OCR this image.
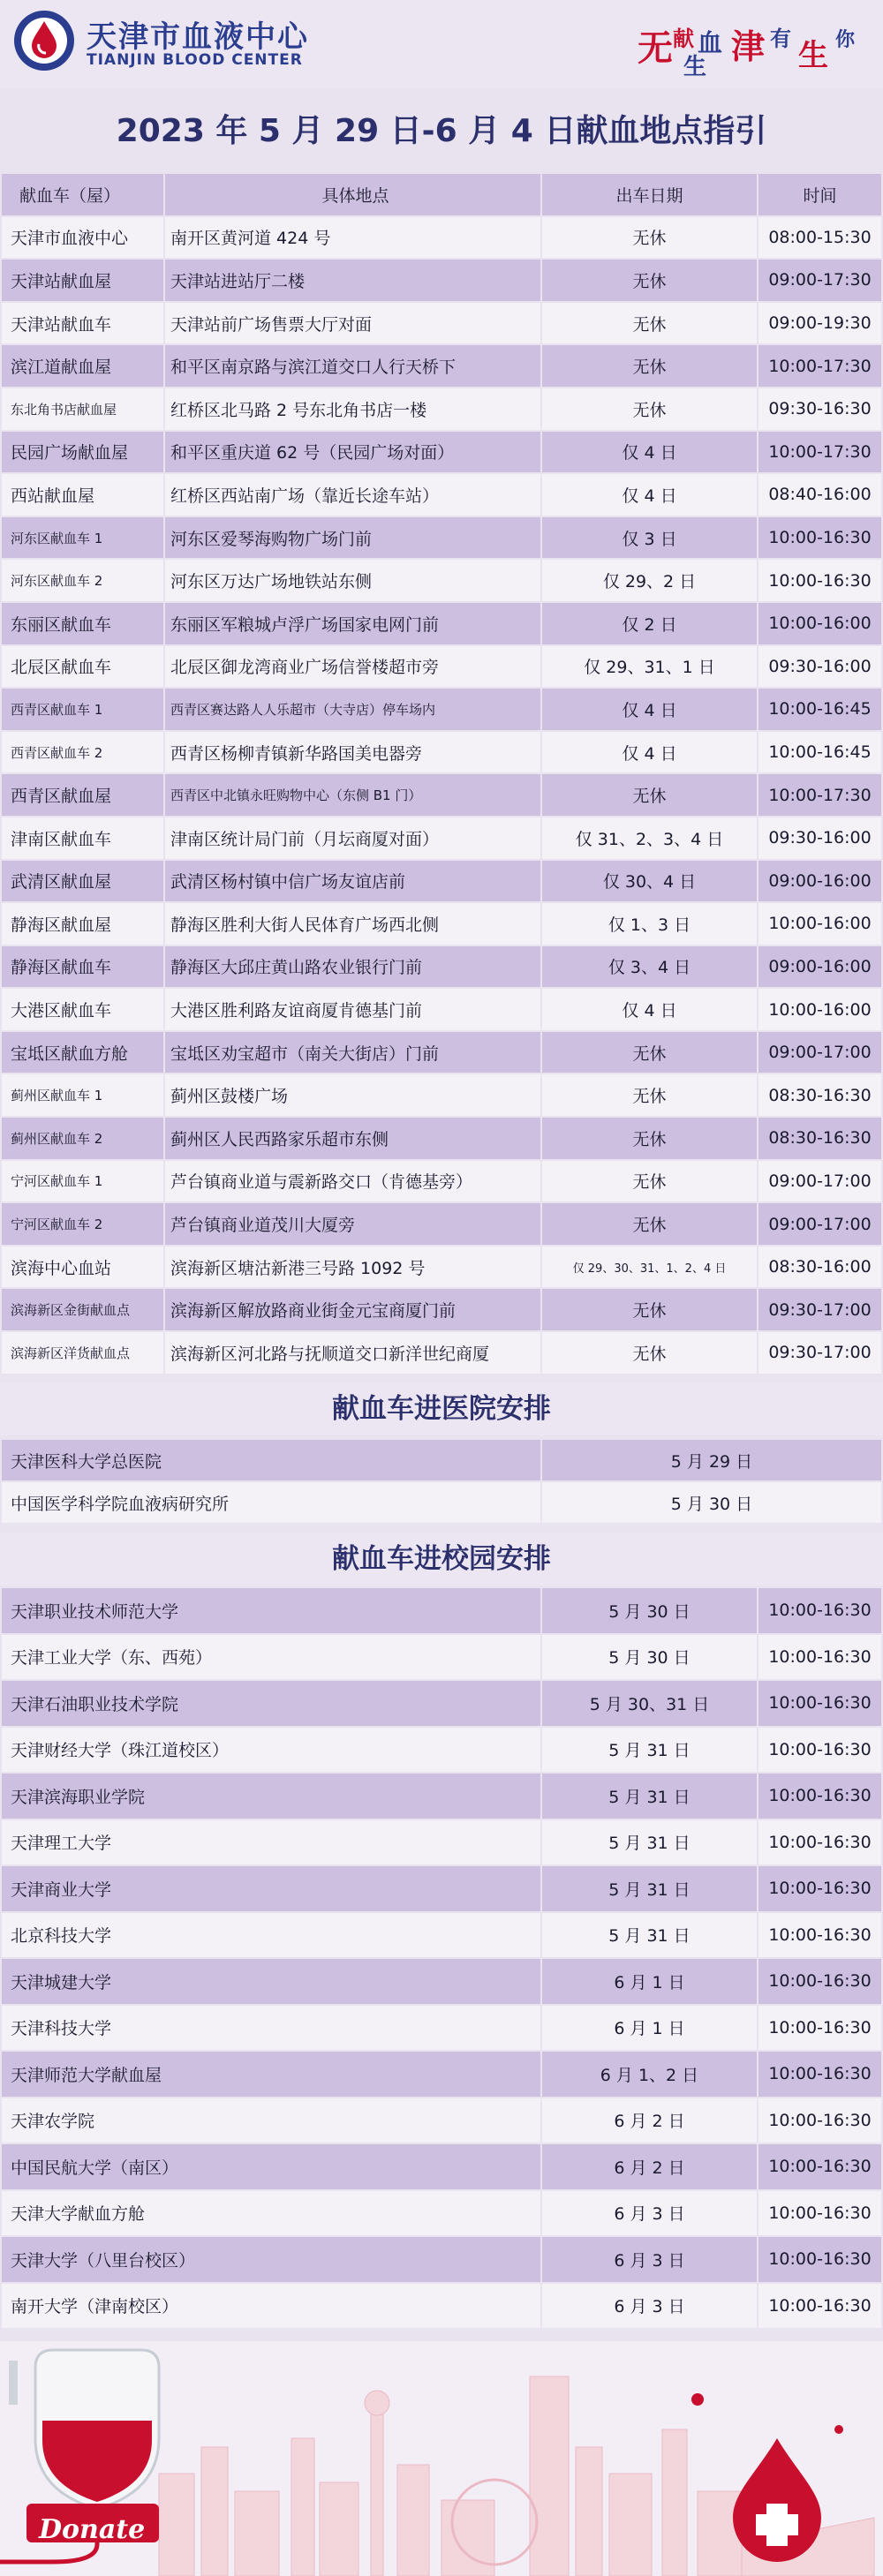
天津市血液中心
TIANJIN BLOOD CENTER	无 献 血 津 有 生 你
生
2023 年 5 月 29 日-6 月 4 日献血地点指引
献血车（屋）	具体地点	出车日期	时间
天津市血液中心	南开区黄河道 424 号	无休	08:00-15:30
天津站献血屋	天津站进站厅二楼	无休	09:00-17:30
天津站献血车	天津站前广场售票大厅对面	无休	09:00-19:30
滨江道献血屋	和平区南京路与滨江道交口人行天桥下	无休	10:00-17:30
东北角书店献血屋	红桥区北马路 2 号东北角书店一楼	无休	09:30-16:30
民园广场献血屋	和平区重庆道 62 号（民园广场对面）	仅 4 日	10:00-17:30
西站献血屋	红桥区西站南广场（靠近长途车站）	仅 4 日	08:40-16:00
河东区献血车 1	河东区爱琴海购物广场门前	仅 3 日	10:00-16:30
河东区献血车 2	河东区万达广场地铁站东侧	仅 29、2 日	10:00-16:30
东丽区献血车	东丽区军粮城卢浮广场国家电网门前	仅 2 日	10:00-16:00
北辰区献血车	北辰区御龙湾商业广场信誉楼超市旁	仅 29、31、1 日	09:30-16:00
西青区献血车 1	西青区赛达路人人乐超市（大寺店）停车场内	仅 4 日	10:00-16:45
西青区献血车 2	西青区杨柳青镇新华路国美电器旁	仅 4 日	10:00-16:45
西青区献血屋	西青区中北镇永旺购物中心（东侧 B1 门）	无休	10:00-17:30
津南区献血车	津南区统计局门前（月坛商厦对面）	仅 31、2、3、4 日	09:30-16:00
武清区献血屋	武清区杨村镇中信广场友谊店前	仅 30、4 日	09:00-16:00
静海区献血屋	静海区胜利大街人民体育广场西北侧	仅 1、3 日	10:00-16:00
静海区献血车	静海区大邱庄黄山路农业银行门前	仅 3、4 日	09:00-16:00
大港区献血车	大港区胜利路友谊商厦肯德基门前	仅 4 日	10:00-16:00
宝坻区献血方舱	宝坻区劝宝超市（南关大街店）门前	无休	09:00-17:00
蓟州区献血车 1	蓟州区鼓楼广场	无休	08:30-16:30
蓟州区献血车 2	蓟州区人民西路家乐超市东侧	无休	08:30-16:30
宁河区献血车 1	芦台镇商业道与震新路交口（肯德基旁）	无休	09:00-17:00
宁河区献血车 2	芦台镇商业道茂川大厦旁	无休	09:00-17:00
滨海中心血站	滨海新区塘沽新港三号路 1092 号	仅 29、30、31、1、2、4 日	08:30-16:00
滨海新区金街献血点	滨海新区解放路商业街金元宝商厦门前	无休	09:30-17:00
滨海新区洋货献血点	滨海新区河北路与抚顺道交口新洋世纪商厦	无休	09:30-17:00
献血车进医院安排
天津医科大学总医院	5 月 29 日
中国医学科学院血液病研究所	5 月 30 日
献血车进校园安排
天津职业技术师范大学	5 月 30 日	10:00-16:30
天津工业大学（东、西苑）	5 月 30 日	10:00-16:30
天津石油职业技术学院	5 月 30、31 日	10:00-16:30
天津财经大学（珠江道校区）	5 月 31 日	10:00-16:30
天津滨海职业学院	5 月 31 日	10:00-16:30
天津理工大学	5 月 31 日	10:00-16:30
天津商业大学	5 月 31 日	10:00-16:30
北京科技大学	5 月 31 日	10:00-16:30
天津城建大学	6 月 1 日	10:00-16:30
天津科技大学	6 月 1 日	10:00-16:30
天津师范大学献血屋	6 月 1、2 日	10:00-16:30
天津农学院	6 月 2 日	10:00-16:30
中国民航大学（南区）	6 月 2 日	10:00-16:30
天津大学献血方舱	6 月 3 日	10:00-16:30
天津大学（八里台校区）	6 月 3 日	10:00-16:30
南开大学（津南校区）	6 月 3 日	10:00-16:30
Donate
